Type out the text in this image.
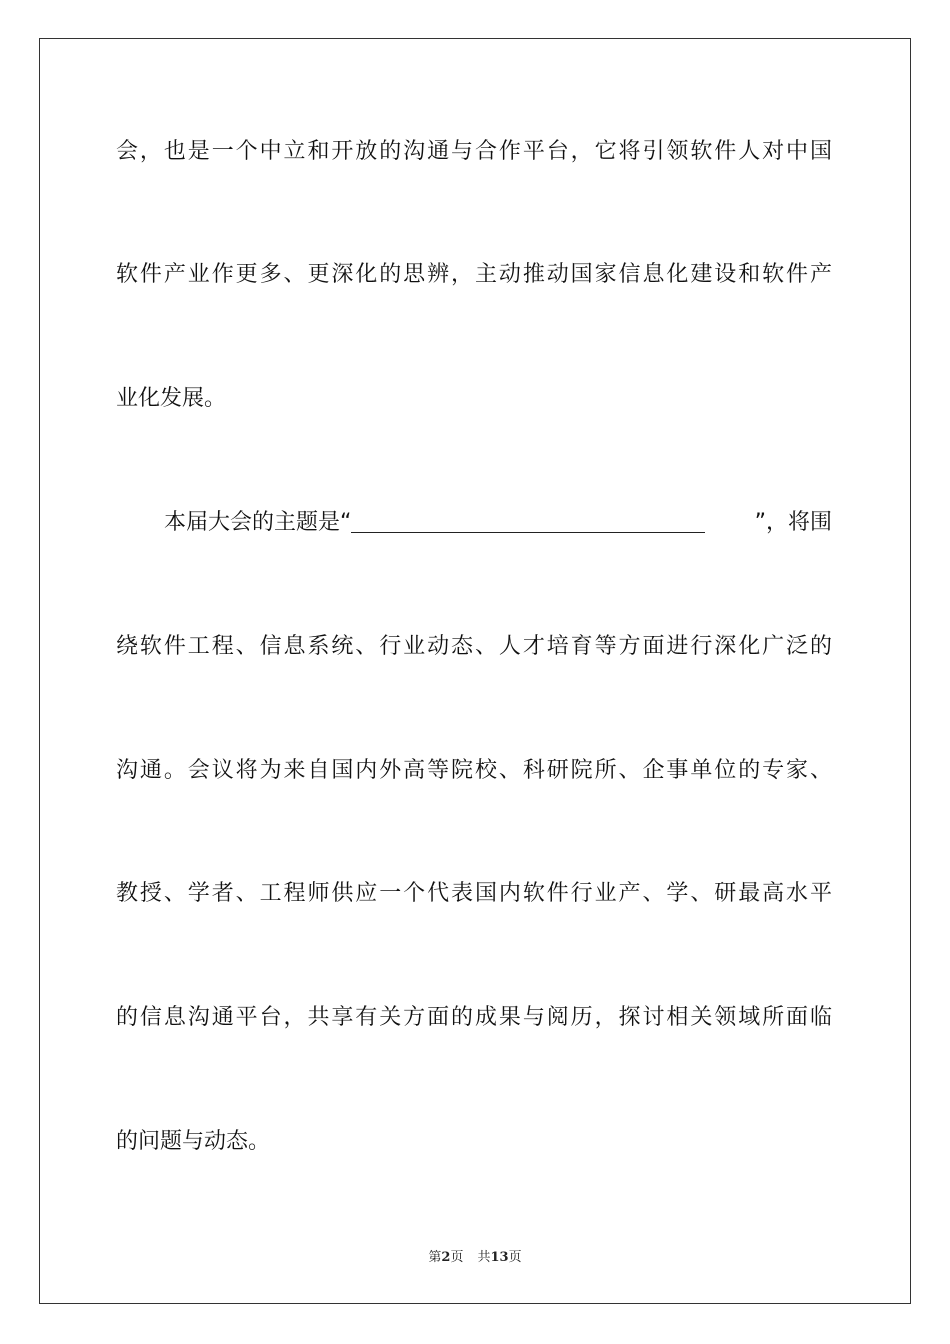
会，也是一个中立和开放的沟通与合作平台，它将引领软件人对中国
软件产业作更多、更深化的思辨，主动推动国家信息化建设和软件产
业化发展。
本届大会的主题是“	”，将围
绕软件工程、信息系统、行业动态、人才培育等方面进行深化广泛的
沟通。会议将为来自国内外高等院校、科研院所、企事单位的专家、
教授、学者、工程师供应一个代表国内软件行业产、学、研最高水平
的信息沟通平台，共享有关方面的成果与阅历，探讨相关领域所面临
的问题与动态。
第2页 共13页
